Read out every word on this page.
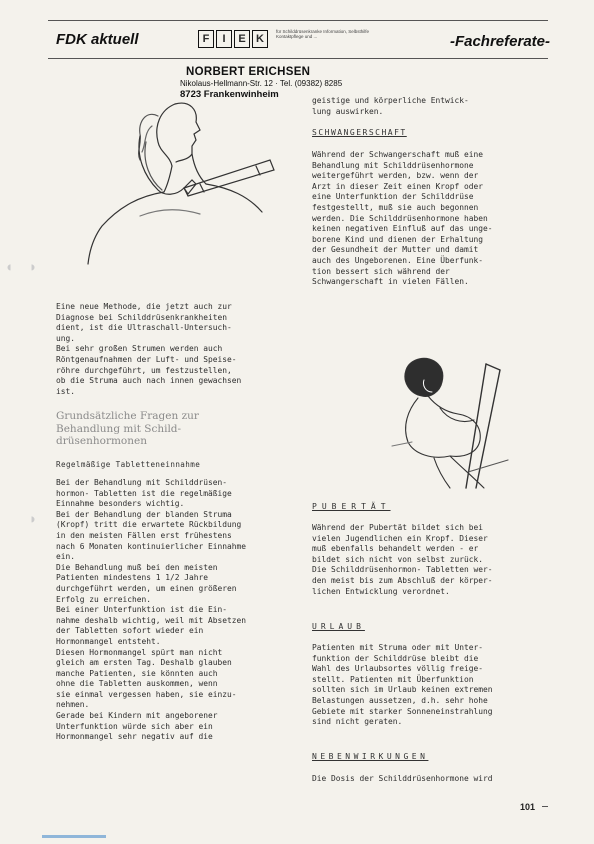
FDK aktuell	F	I	E K
für Schilddrüsenkranke Information, Selbsthilfe Kontaktpflege und ...	-Fachreferate-
NORBERT ERICHSEN
Nikolaus-Hellmann-Str. 12 · Tel. (09382) 8285
8723 Frankenwinheim
Eine neue Methode, die jetzt auch zur
Diagnose bei Schilddrüsenkrankheiten
dient, ist die Ultraschall-Untersuch-
ung.
Bei sehr großen Strumen werden auch
Röntgenaufnahmen der Luft- und Speise-
röhre durchgeführt, um festzustellen,
ob die Struma auch nach innen gewachsen
ist.
Grundsätzliche Fragen zur
Behandlung mit Schild-
drüsenhormonen
Regelmäßige Tabletteneinnahme
Bei der Behandlung mit Schilddrüsen-
hormon- Tabletten ist die regelmäßige
Einnahme besonders wichtig.
Bei der Behandlung der blanden Struma
(Kropf) tritt die erwartete Rückbildung
in den meisten Fällen erst frühestens
nach 6 Monaten kontinuierlicher Einnahme
ein.
Die Behandlung muß bei den meisten
Patienten mindestens 1 1/2 Jahre
durchgeführt werden, um einen größeren
Erfolg zu erreichen.
Bei einer Unterfunktion ist die Ein-
nahme deshalb wichtig, weil mit Absetzen
der Tabletten sofort wieder ein
Hormonmangel entsteht.
Diesen Hormonmangel spürt man nicht
gleich am ersten Tag. Deshalb glauben
manche Patienten, sie könnten auch
ohne die Tabletten auskommen, wenn
sie einmal vergessen haben, sie einzu-
nehmen.
Gerade bei Kindern mit angeborener
Unterfunktion würde sich aber ein
Hormonmangel sehr negativ auf die
geistige und körperliche Entwick-
lung auswirken.
SCHWANGERSCHAFT
Während der Schwangerschaft muß eine
Behandlung mit Schilddrüsenhormone
weitergeführt werden, bzw. wenn der
Arzt in dieser Zeit einen Kropf oder
eine Unterfunktion der Schilddrüse
festgestellt, muß sie auch begonnen
werden. Die Schilddrüsenhormone haben
keinen negativen Einfluß auf das unge-
borene Kind und dienen der Erhaltung
der Gesundheit der Mutter und damit
auch des Ungeborenen. Eine Überfunk-
tion bessert sich während der
Schwangerschaft in vielen Fällen.
PUBERTÄT
Während der Pubertät bildet sich bei
vielen Jugendlichen ein Kropf. Dieser
muß ebenfalls behandelt werden - er
bildet sich nicht von selbst zurück.
Die Schilddrüsenhormon- Tabletten wer-
den meist bis zum Abschluß der körper-
lichen Entwicklung verordnet.
URLAUB
Patienten mit Struma oder mit Unter-
funktion der Schilddrüse bleibt die
Wahl des Urlaubsortes völlig freige-
stellt. Patienten mit Überfunktion
sollten sich im Urlaub keinen extremen
Belastungen aussetzen, d.h. sehr hohe
Gebiete mit starker Sonneneinstrahlung
sind nicht geraten.
NEBENWIRKUNGEN
Die Dosis der Schilddrüsenhormone wird
101
◖ ◗
◗
